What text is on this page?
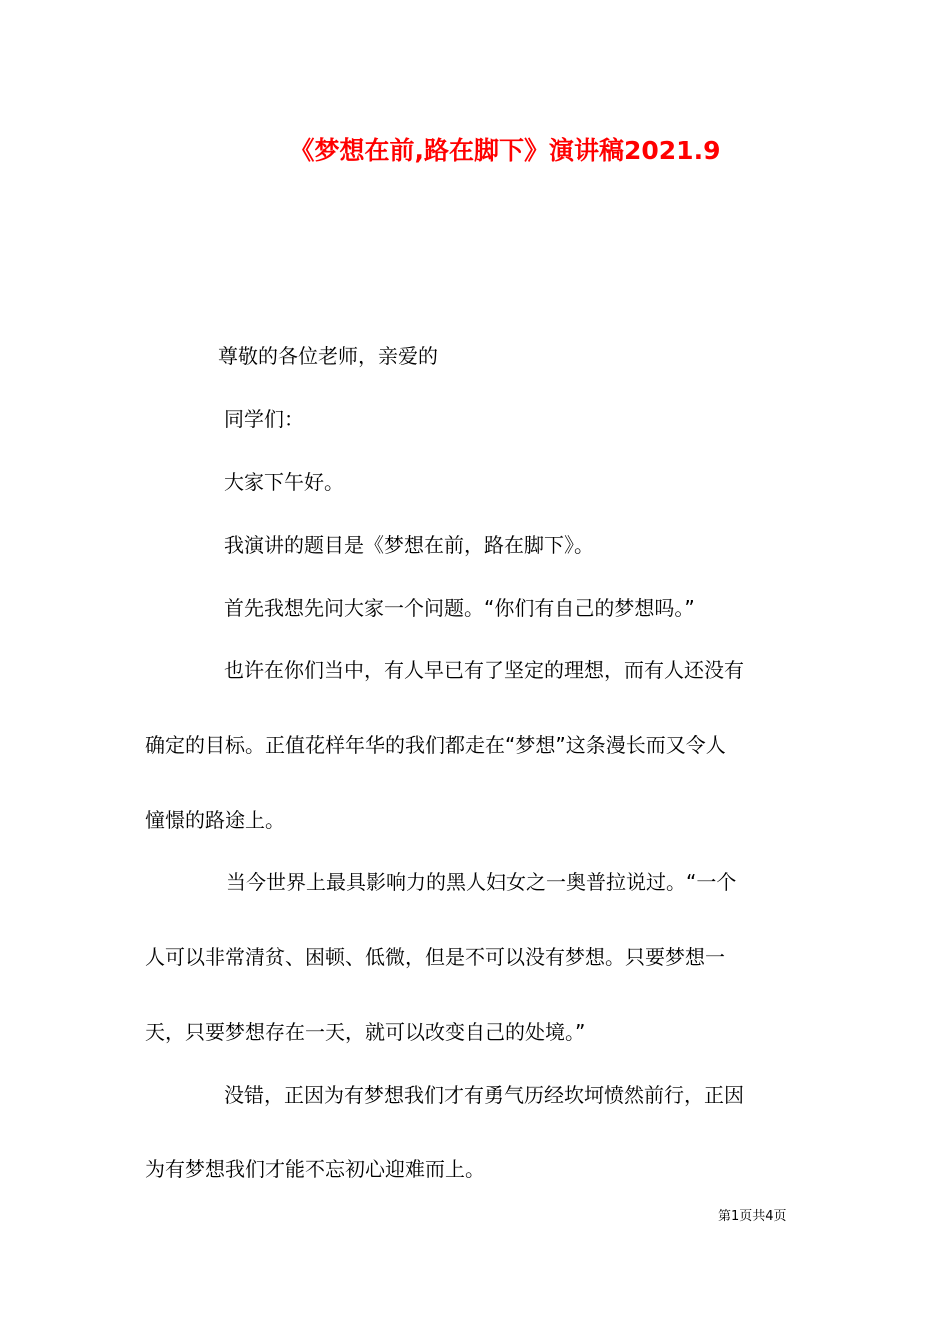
《梦想在前,路在脚下》演讲稿2021.9
尊敬的各位老师，亲爱的
同学们：
大家下午好。
我演讲的题目是《梦想在前，路在脚下》。
首先我想先问大家一个问题。“你们有自己的梦想吗。”
也许在你们当中，有人早已有了坚定的理想，而有人还没有
确定的目标。正值花样年华的我们都走在“梦想”这条漫长而又令人
憧憬的路途上。
当今世界上最具影响力的黑人妇女之一奥普拉说过。“一个
人可以非常清贫、困顿、低微，但是不可以没有梦想。只要梦想一
天，只要梦想存在一天，就可以改变自己的处境。”
没错，正因为有梦想我们才有勇气历经坎坷愤然前行，正因
为有梦想我们才能不忘初心迎难而上。
第1页共4页
